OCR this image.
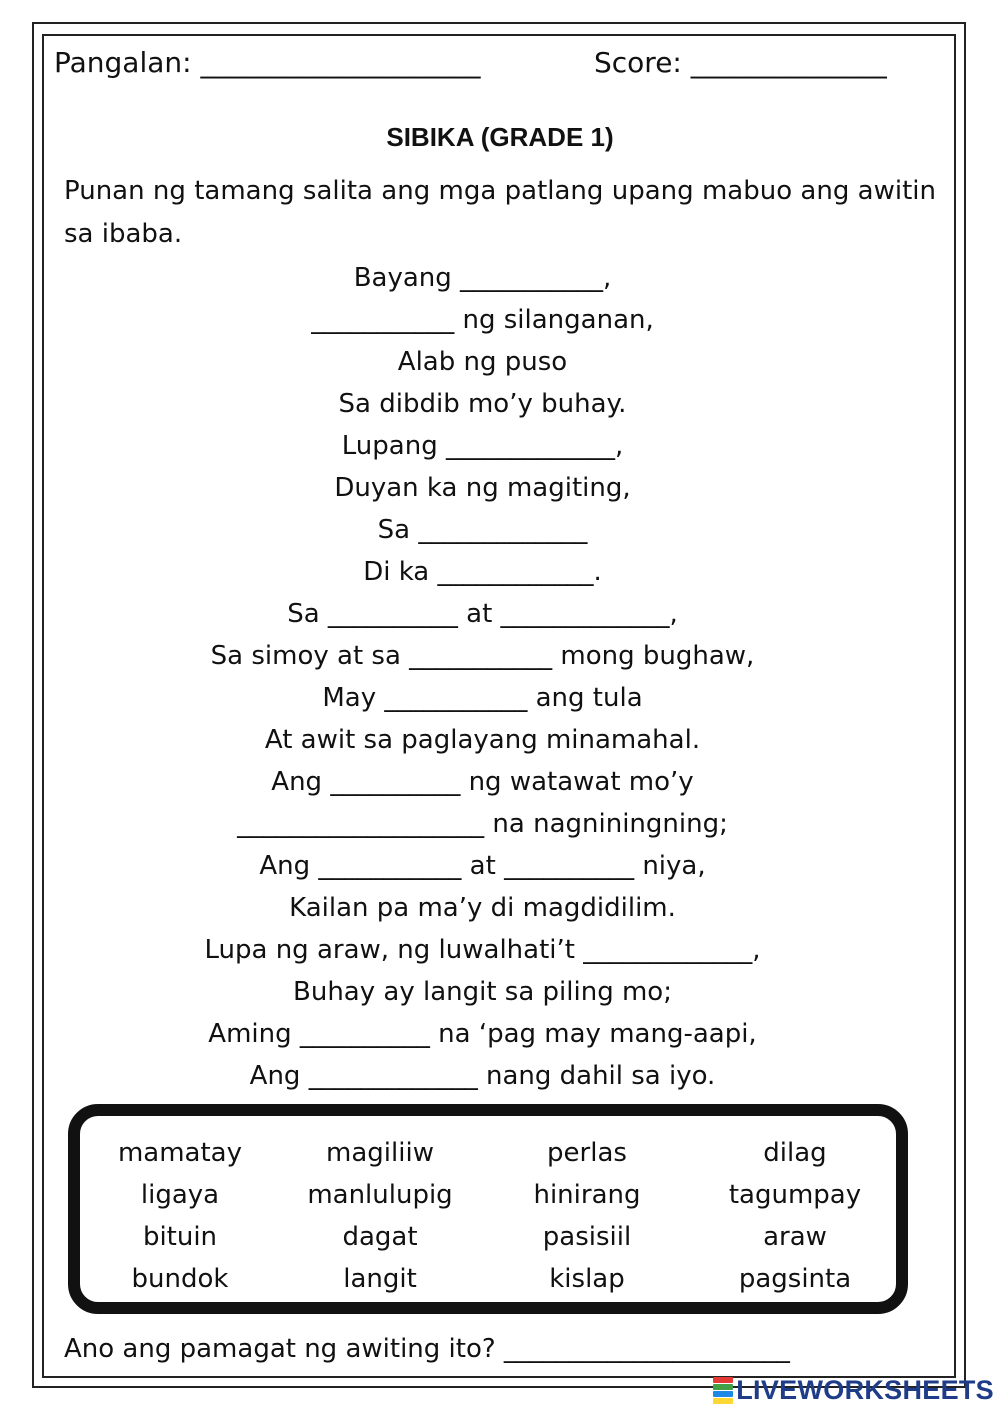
Pangalan: ____________________	Score: ______________
SIBIKA (GRADE 1)
Punan ng tamang salita ang mga patlang upang mabuo ang awitin sa ibaba.
Bayang ___________,
___________ ng silanganan,
Alab ng puso
Sa dibdib mo’y buhay.
Lupang _____________,
Duyan ka ng magiting,
Sa _____________
Di ka ____________.
Sa __________ at _____________,
Sa simoy at sa ___________ mong bughaw,
May ___________ ang tula
At awit sa paglayang minamahal.
Ang __________ ng watawat mo’y
___________________ na nagniningning;
Ang ___________ at __________ niya,
Kailan pa ma’y di magdidilim.
Lupa ng araw, ng luwalhati’t _____________,
Buhay ay langit sa piling mo;
Aming __________ na ‘pag may mang-aapi,
Ang _____________ nang dahil sa iyo.
mamatay	magiliiw	perlas	dilag
ligaya	manlulupig	hinirang	tagumpay
bituin	dagat	pasisiil	araw
bundok	langit	kislap	pagsinta
Ano ang pamagat ng awiting ito? ______________________
LIVEWORKSHEETS
